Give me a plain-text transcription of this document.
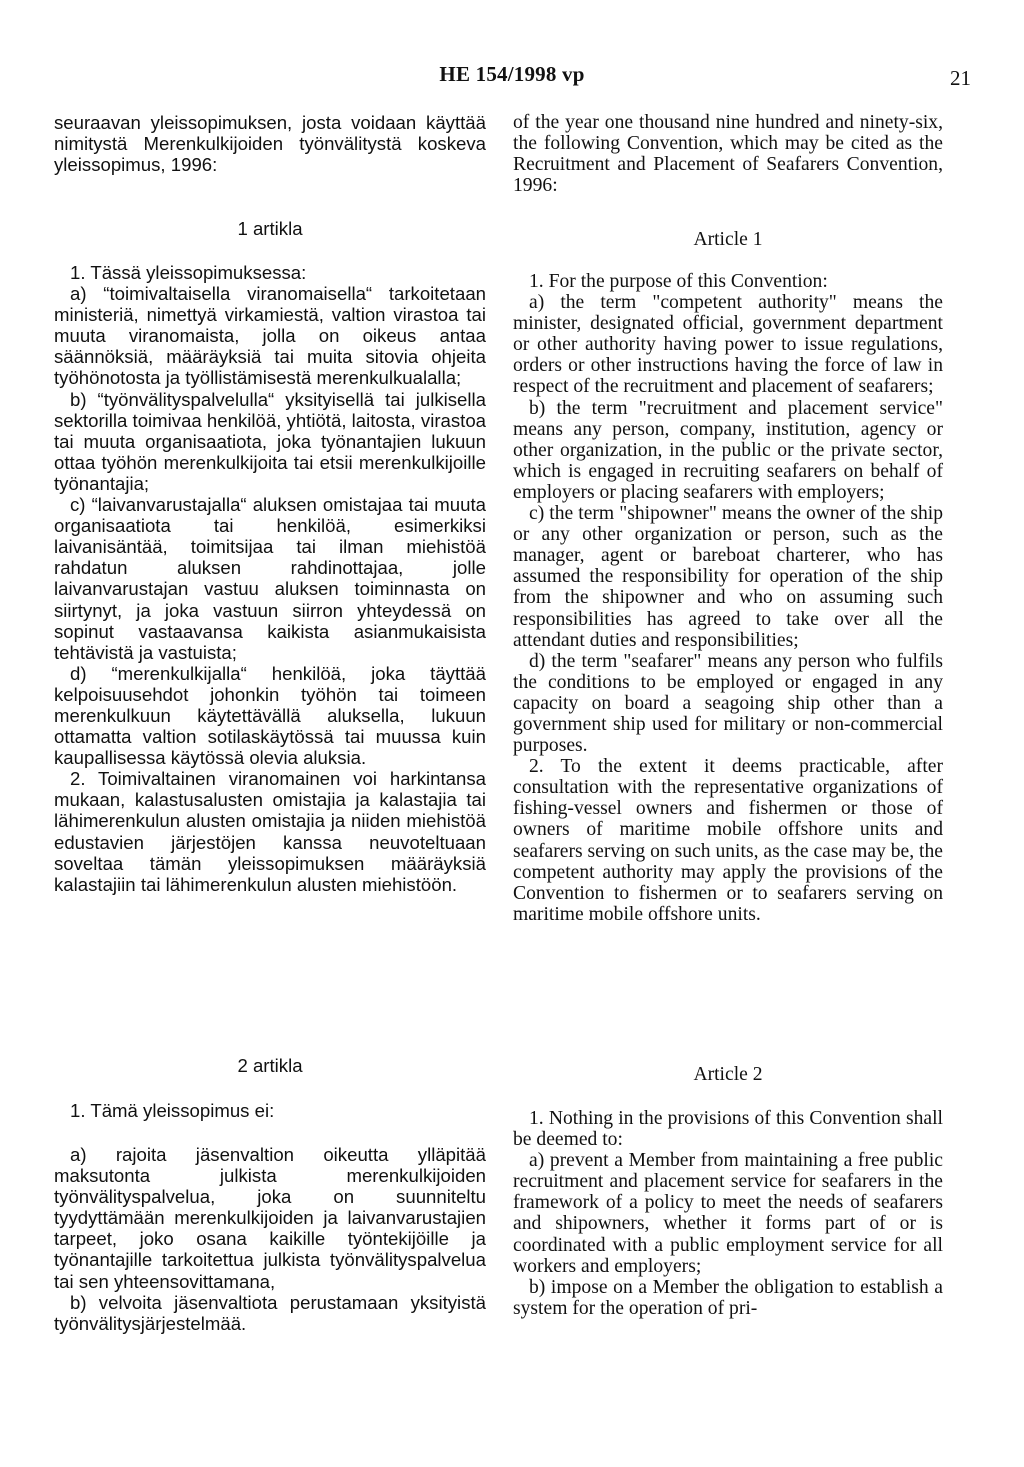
HE 154/1998 vp	21

seuraavan yleissopimuksen, josta voidaan käyttää nimitystä Merenkulkijoiden työnvälitystä koskeva yleissopimus, 1996:

1 artikla

1. Tässä yleissopimuksessa:

a) “toimivaltaisella viranomaisella“ tarkoitetaan ministeriä, nimettyä virkamiestä, valtion virastoa tai muuta viranomaista, jolla on oikeus antaa säännöksiä, määräyksiä tai muita sitovia ohjeita työhönotosta ja työllistämisestä merenkulkualalla;

b) “työnvälityspalvelulla“ yksityisellä tai julkisella sektorilla toimivaa henkilöä, yhtiötä, laitosta, virastoa tai muuta organisaatiota, joka työnantajien lukuun ottaa työhön merenkulkijoita tai etsii merenkulkijoille työnantajia;

c) “laivanvarustajalla“ aluksen omistajaa tai muuta organisaatiota tai henkilöä, esimerkiksi laivanisäntää, toimitsijaa tai ilman miehistöä rahdatun aluksen rahdinottajaa, jolle laivanvarustajan vastuu aluksen toiminnasta on siirtynyt, ja joka vastuun siirron yhteydessä on sopinut vastaavansa kaikista asianmukaisista tehtävistä ja vastuista;

d) “merenkulkijalla“ henkilöä, joka täyttää kelpoisuusehdot johonkin työhön tai toimeen merenkulkuun käytettävällä aluksella, lukuun ottamatta valtion sotilaskäytössä tai muussa kuin kaupallisessa käytössä olevia aluksia.

2. Toimivaltainen viranomainen voi harkintansa mukaan, kalastusalusten omistajia ja kalastajia tai lähimerenkulun alusten omistajia ja niiden miehistöä edustavien järjestöjen kanssa neuvoteltuaan soveltaa tämän yleissopimuksen määräyksiä kalastajiin tai lähimerenkulun alusten miehistöön.

2 artikla

1. Tämä yleissopimus ei:

a) rajoita jäsenvaltion oikeutta ylläpitää maksutonta julkista merenkulkijoiden työnvälityspalvelua, joka on suunniteltu tyydyttämään merenkulkijoiden ja laivanvarustajien tarpeet, joko osana kaikille työntekijöille ja työnantajille tarkoitettua julkista työnvälityspalvelua tai sen yhteensovittamana,

b) velvoita jäsenvaltiota perustamaan yksityistä työnvälitysjärjestelmää.

of the year one thousand nine hundred and ninety-six, the following Convention, which may be cited as the Recruitment and Placement of Seafarers Convention, 1996:

Article 1

1. For the purpose of this Convention:

a) the term "competent authority" means the minister, designated official, government department or other authority having power to issue regulations, orders or other instructions having the force of law in respect of the recruitment and placement of seafarers;

b) the term "recruitment and placement service" means any person, company, institution, agency or other organization, in the public or the private sector, which is engaged in recruiting seafarers on behalf of employers or placing seafarers with employers;

c) the term "shipowner" means the owner of the ship or any other organization or person, such as the manager, agent or bareboat charterer, who has assumed the responsibility for operation of the ship from the shipowner and who on assuming such responsibilities has agreed to take over all the attendant duties and responsibilities;

d) the term "seafarer" means any person who fulfils the conditions to be employed or engaged in any capacity on board a seagoing ship other than a government ship used for military or non-commercial purposes.

2. To the extent it deems practicable, after consultation with the representative organizations of fishing-vessel owners and fishermen or those of owners of maritime mobile offshore units and seafarers serving on such units, as the case may be, the competent authority may apply the provisions of the Convention to fishermen or to seafarers serving on maritime mobile offshore units.

Article 2

1. Nothing in the provisions of this Convention shall be deemed to:

a) prevent a Member from maintaining a free public recruitment and placement service for seafarers in the framework of a policy to meet the needs of seafarers and shipowners, whether it forms part of or is coordinated with a public employment service for all workers and employers;

b) impose on a Member the obligation to establish a system for the operation of pri-
